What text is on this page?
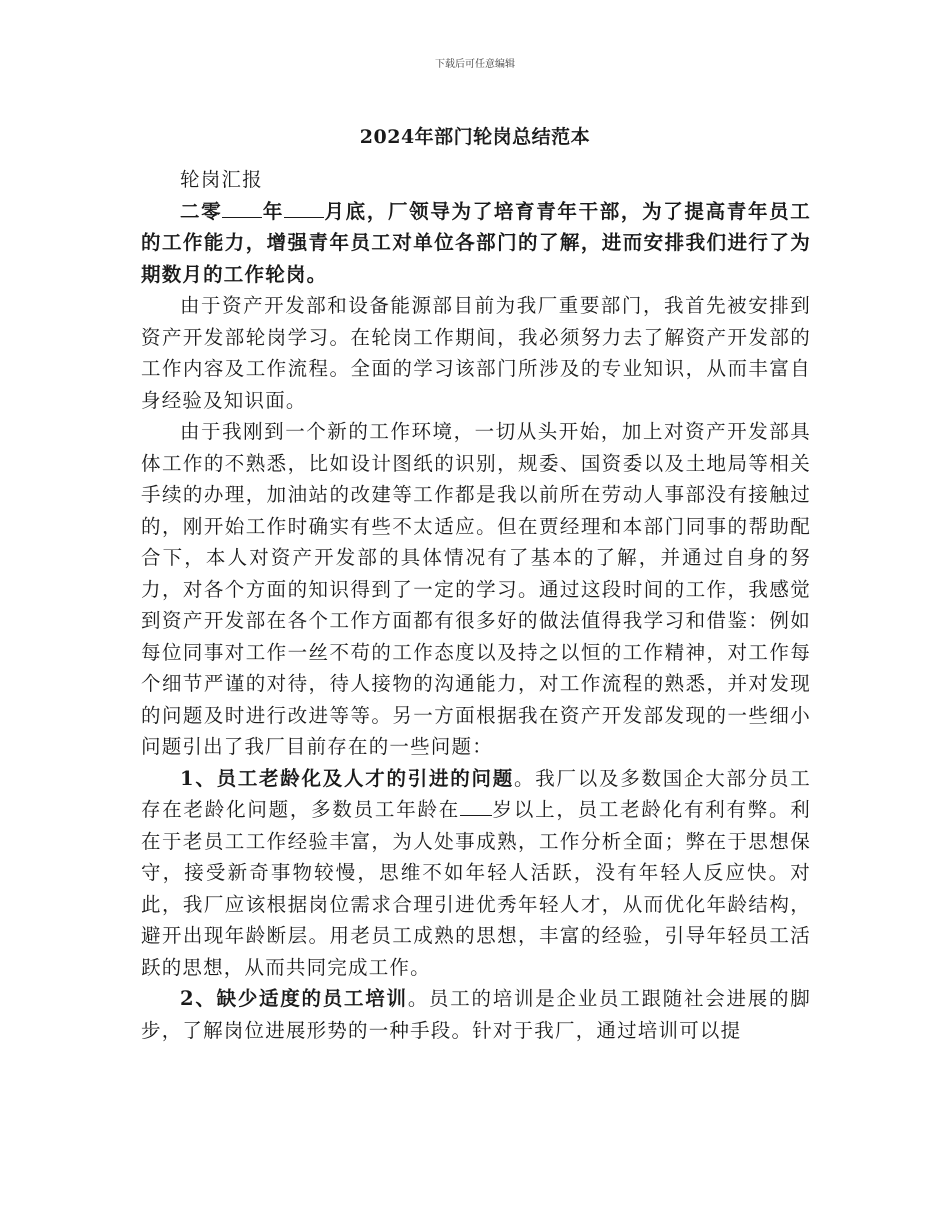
下载后可任意编辑
2024年部门轮岗总结范本

轮岗汇报

二零 年 月底，厂领导为了培育青年干部，为了提高青年员工的工作能力，增强青年员工对单位各部门的了解，进而安排我们进行了为期数月的工作轮岗。

由于资产开发部和设备能源部目前为我厂重要部门，我首先被安排到资产开发部轮岗学习。在轮岗工作期间，我必须努力去了解资产开发部的工作内容及工作流程。全面的学习该部门所涉及的专业知识，从而丰富自身经验及知识面。

由于我刚到一个新的工作环境，一切从头开始，加上对资产开发部具体工作的不熟悉，比如设计图纸的识别，规委、国资委以及土地局等相关手续的办理，加油站的改建等工作都是我以前所在劳动人事部没有接触过的，刚开始工作时确实有些不太适应。但在贾经理和本部门同事的帮助配合下，本人对资产开发部的具体情况有了基本的了解，并通过自身的努力，对各个方面的知识得到了一定的学习。通过这段时间的工作，我感觉到资产开发部在各个工作方面都有很多好的做法值得我学习和借鉴：例如每位同事对工作一丝不苟的工作态度以及持之以恒的工作精神，对工作每个细节严谨的对待，待人接物的沟通能力，对工作流程的熟悉，并对发现的问题及时进行改进等等。另一方面根据我在资产开发部发现的一些细小问题引出了我厂目前存在的一些问题：

1、员工老龄化及人才的引进的问题。我厂以及多数国企大部分员工存在老龄化问题，多数员工年龄在 岁以上，员工老龄化有利有弊。利在于老员工工作经验丰富，为人处事成熟，工作分析全面；弊在于思想保守，接受新奇事物较慢，思维不如年轻人活跃，没有年轻人反应快。对此，我厂应该根据岗位需求合理引进优秀年轻人才，从而优化年龄结构，避开出现年龄断层。用老员工成熟的思想，丰富的经验，引导年轻员工活跃的思想，从而共同完成工作。

2、缺少适度的员工培训。员工的培训是企业员工跟随社会进展的脚步，了解岗位进展形势的一种手段。针对于我厂，通过培训可以提
